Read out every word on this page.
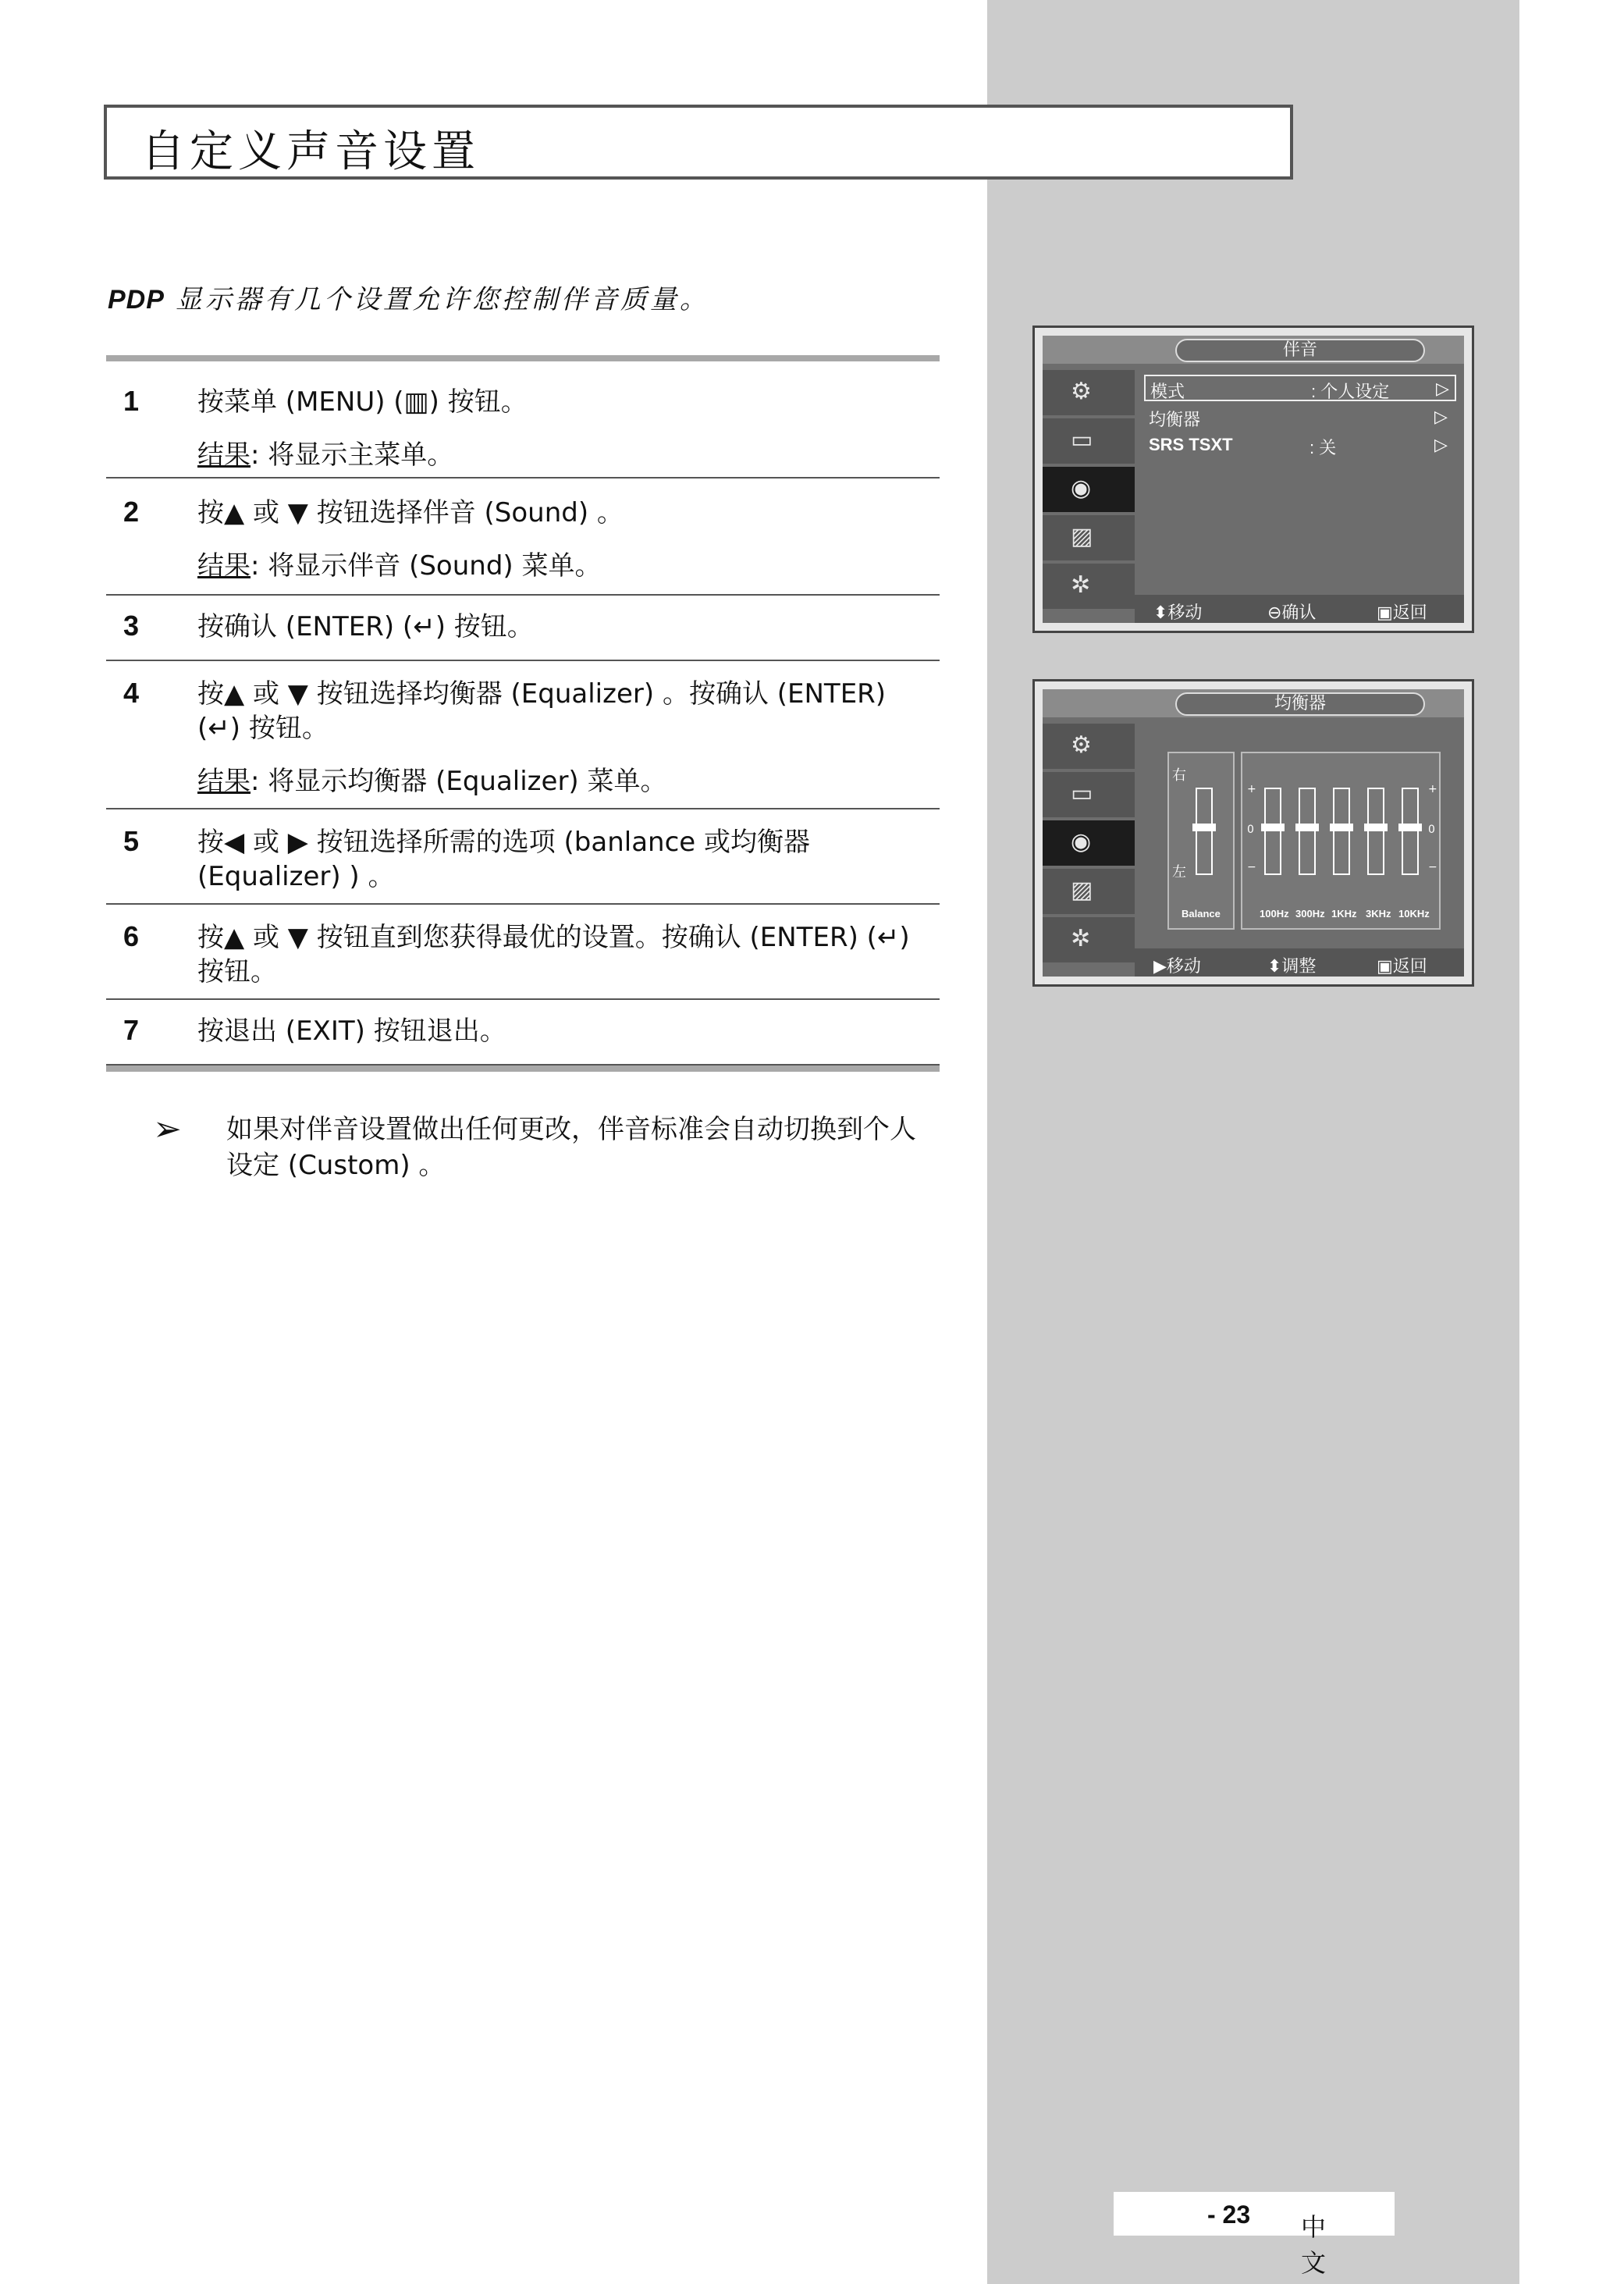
自定义声音设置
PDP 显示器有几个设置允许您控制伴音质量。
1 按菜单 (MENU) (▥) 按钮。
结果: 将显示主菜单。
2 按▲ 或 ▼ 按钮选择伴音 (Sound) 。
结果: 将显示伴音 (Sound) 菜单。
3 按确认 (ENTER) (↵) 按钮。
4 按▲ 或 ▼ 按钮选择均衡器 (Equalizer) 。按确认 (ENTER) (↵) 按钮。
结果: 将显示均衡器 (Equalizer) 菜单。
5 按◀ 或 ▶ 按钮选择所需的选项 (banlance 或均衡器 (Equalizer) ) 。
6 按▲ 或 ▼ 按钮直到您获得最优的设置。按确认 (ENTER) (↵) 按钮。
7 按退出 (EXIT) 按钮退出。
➢ 如果对伴音设置做出任何更改，伴音标准会自动切换到个人设定 (Custom) 。
伴音
⚙
▭
◉
▨
✲
模式	: 个人设定	▷
均衡器	▷
SRS TSXT	: 关	▷
⬍移动	⊖确认	▣返回
均衡器
⚙
▭
◉
▨
✲
右
左
Balance
+
0
−
+
0
−
100Hz 300Hz 1KHz 3KHz 10KHz
▶移动	⬍调整	▣返回
中文
- 23
